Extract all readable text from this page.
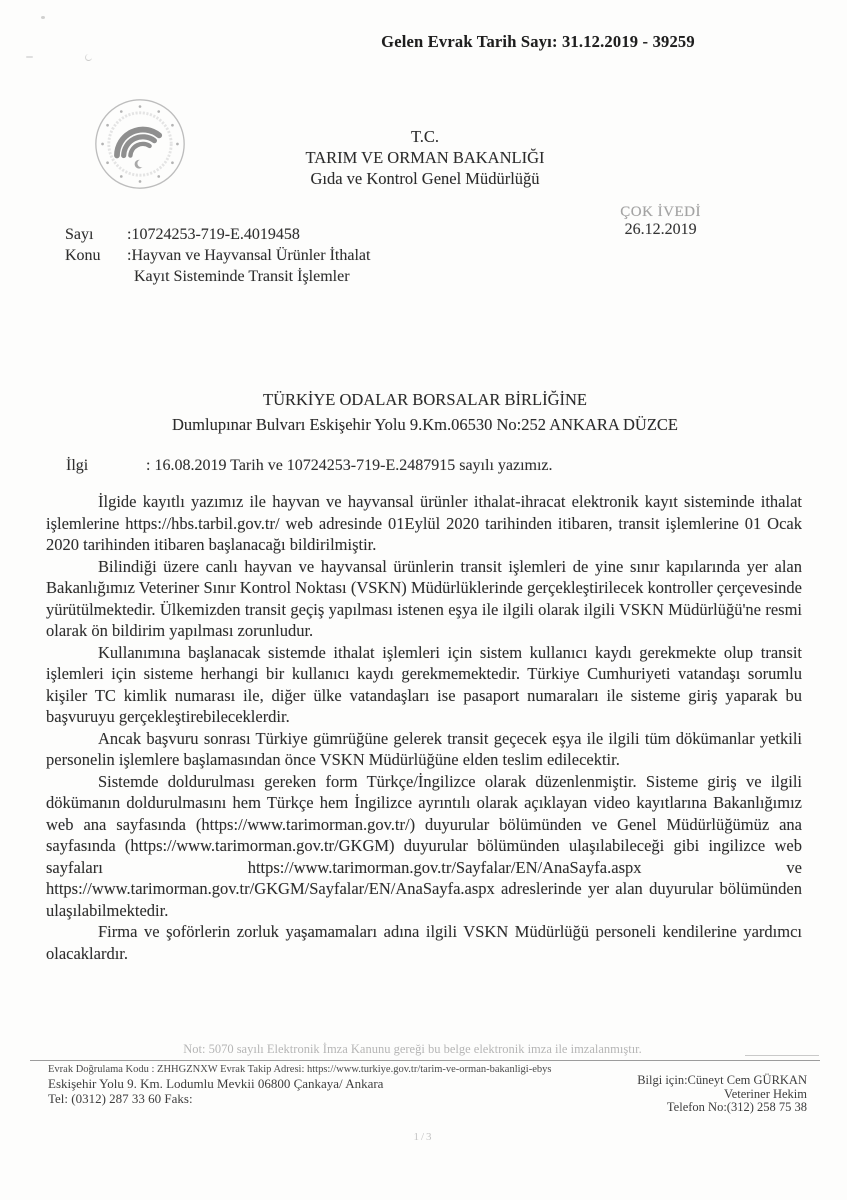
Gelen Evrak Tarih Sayı: 31.12.2019 - 39259
T.C.
TARIM VE ORMAN BAKANLIĞI
Gıda ve Kontrol Genel Müdürlüğü
Sayı	:10724253-719-E.4019458
Konu	:Hayvan ve Hayvansal Ürünler İthalat
Kayıt Sisteminde Transit İşlemler
ÇOK İVEDİ
26.12.2019
TÜRKİYE ODALAR BORSALAR BİRLİĞİNE
Dumlupınar Bulvarı Eskişehir Yolu 9.Km.06530 No:252 ANKARA DÜZCE
İlgi	: 16.08.2019 Tarih ve 10724253-719-E.2487915 sayılı yazımız.

İlgide kayıtlı yazımız ile hayvan ve hayvansal ürünler ithalat-ihracat elektronik kayıt sisteminde ithalat işlemlerine https://hbs.tarbil.gov.tr/ web adresinde 01Eylül 2020 tarihinden itibaren, transit işlemlerine 01 Ocak 2020 tarihinden itibaren başlanacağı bildirilmiştir.

Bilindiği üzere canlı hayvan ve hayvansal ürünlerin transit işlemleri de yine sınır kapılarında yer alan Bakanlığımız Veteriner Sınır Kontrol Noktası (VSKN) Müdürlüklerinde gerçekleştirilecek kontroller çerçevesinde yürütülmektedir. Ülkemizden transit geçiş yapılması istenen eşya ile ilgili olarak ilgili VSKN Müdürlüğü'ne resmi olarak ön bildirim yapılması zorunludur.

Kullanımına başlanacak sistemde ithalat işlemleri için sistem kullanıcı kaydı gerekmekte olup transit işlemleri için sisteme herhangi bir kullanıcı kaydı gerekmemektedir. Türkiye Cumhuriyeti vatandaşı sorumlu kişiler TC kimlik numarası ile, diğer ülke vatandaşları ise pasaport numaraları ile sisteme giriş yaparak bu başvuruyu gerçekleştirebileceklerdir.

Ancak başvuru sonrası Türkiye gümrüğüne gelerek transit geçecek eşya ile ilgili tüm dökümanlar yetkili personelin işlemlere başlamasından önce VSKN Müdürlüğüne elden teslim edilecektir.

Sistemde doldurulması gereken form Türkçe/İngilizce olarak düzenlenmiştir. Sisteme giriş ve ilgili dökümanın doldurulmasını hem Türkçe hem İngilizce ayrıntılı olarak açıklayan video kayıtlarına Bakanlığımız web ana sayfasında (https://www.tarimorman.gov.tr/) duyurular bölümünden ve Genel Müdürlüğümüz ana sayfasında (https://www.tarimorman.gov.tr/GKGM) duyurular bölümünden ulaşılabileceği gibi ingilizce web sayfaları https://www.tarimorman.gov.tr/Sayfalar/EN/AnaSayfa.aspx ve https://www.tarimorman.gov.tr/GKGM/Sayfalar/EN/AnaSayfa.aspx adreslerinde yer alan duyurular bölümünden ulaşılabilmektedir.

Firma ve şoförlerin zorluk yaşamamaları adına ilgili VSKN Müdürlüğü personeli kendilerine yardımcı olacaklardır.

Not: 5070 sayılı Elektronik İmza Kanunu gereği bu belge elektronik imza ile imzalanmıştır.
Evrak Doğrulama Kodu : ZHHGZNXW Evrak Takip Adresi: https://www.turkiye.gov.tr/tarim-ve-orman-bakanligi-ebys
Eskişehir Yolu 9. Km. Lodumlu Mevkii 06800 Çankaya/ Ankara
Tel: (0312) 287 33 60 Faks:
Bilgi için:Cüneyt Cem GÜRKAN
Veteriner Hekim
Telefon No:(312) 258 75 38
1/3
